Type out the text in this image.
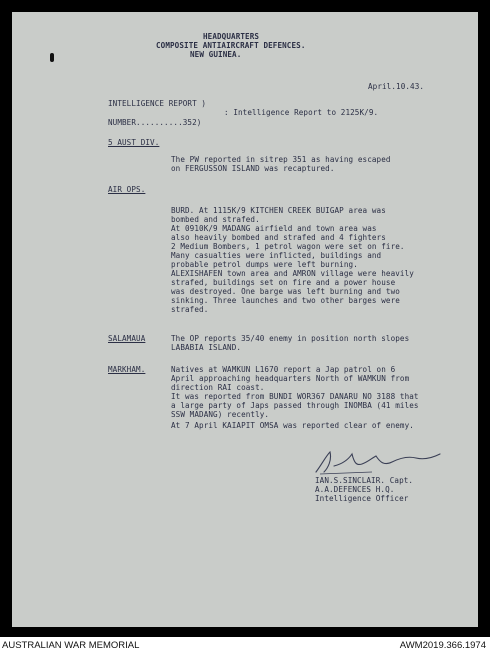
HEADQUARTERS
COMPOSITE ANTIAIRCRAFT DEFENCES.
NEW GUINEA.
April.10.43.
INTELLIGENCE REPORT )
: Intelligence Report to 2125K/9.
NUMBER..........352)
5 AUST DIV.
The PW reported in sitrep 351 as having escaped
on FERGUSSON ISLAND was recaptured.
AIR OPS.
BURD. At 1115K/9 KITCHEN CREEK BUIGAP area was
bombed and strafed.
At 0910K/9 MADANG airfield and town area was
also heavily bombed and strafed and 4 fighters
2 Medium Bombers, 1 petrol wagon were set on fire.
Many casualties were inflicted, buildings and
probable petrol dumps were left burning.
ALEXISHAFEN town area and AMRON village were heavily
strafed, buildings set on fire and a power house
was destroyed. One barge was left burning and two
sinking. Three launches and two other barges were
strafed.
SALAMAUA	The OP reports 35/40 enemy in position north slopes
LABABIA ISLAND.
MARKHAM.	Natives at WAMKUN L1670 report a Jap patrol on 6
April approaching headquarters North of WAMKUN from
direction RAI coast.
It was reported from BUNDI WOR367 DANARU NO 3188 that
a large party of Japs passed through INOMBA (41 miles
SSW MADANG) recently.
At 7 April KAIAPIT OMSA was reported clear of enemy.
IAN.S.SINCLAIR. Capt.
A.A.DEFENCES H.Q.
Intelligence Officer
AUSTRALIAN WAR MEMORIAL	AWM2019.366.1974
